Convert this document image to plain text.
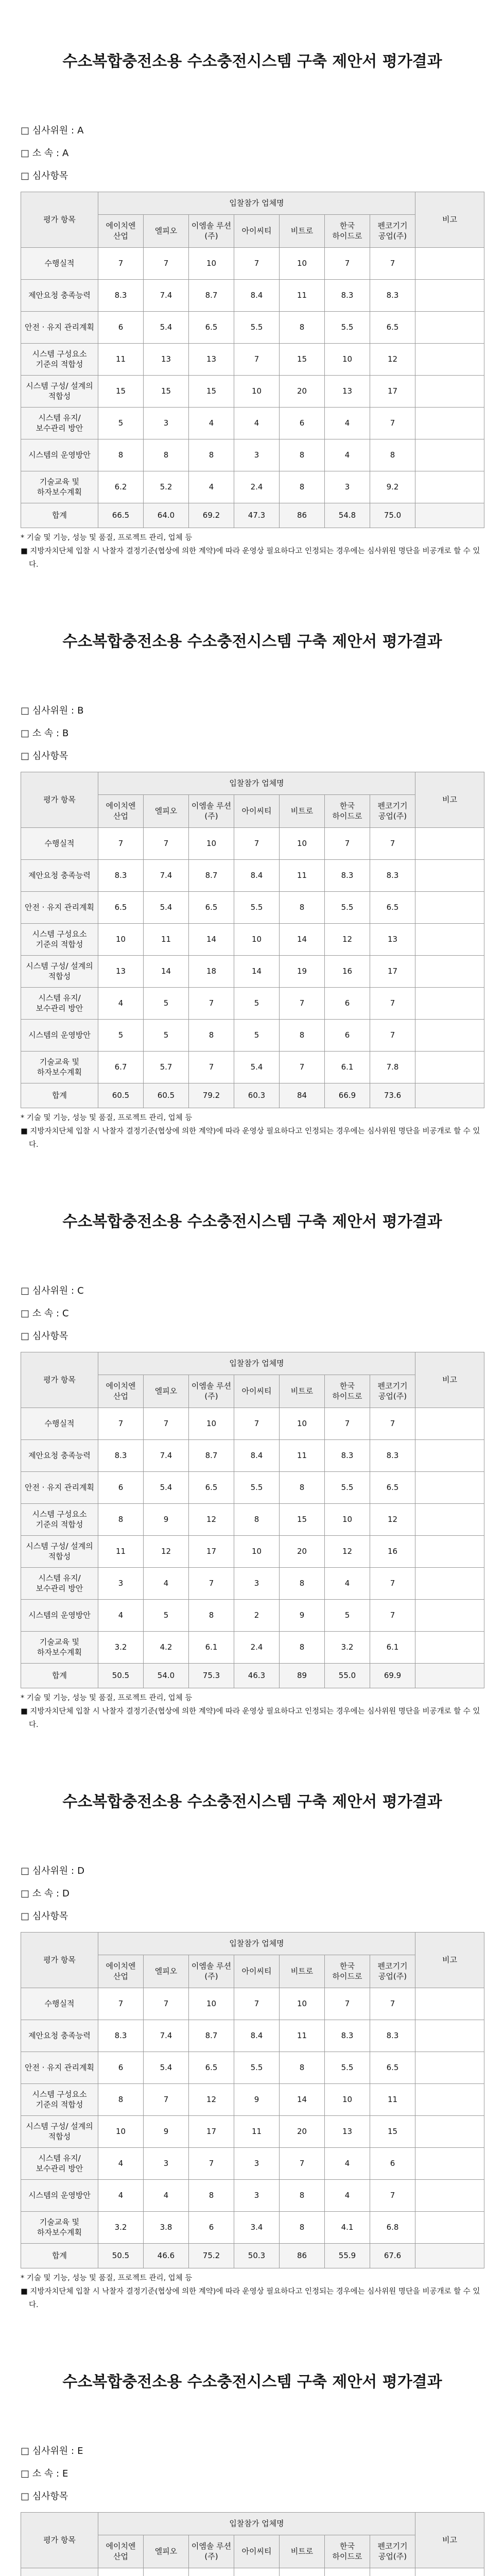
수소복합충전소용 수소충전시스템 구축 제안서 평가결과
□ 심사위원 : A
□ 소 속 : A
□ 심사항목
평가 항목	입찰참가 업체명							비고
	에이치엔 산업	엘피오	이엠솔 루션(주)	아이씨티	비트로	한국 하이드로	펜코기기 공업(주)	
수행실적	7	7	10	7	10	7	7	
제안요청 충족능력	8.3	7.4	8.7	8.4	11	8.3	8.3	
안전 · 유지 관리계획	6	5.4	6.5	5.5	8	5.5	6.5	
시스템 구성요소 기준의 적합성	11	13	13	7	15	10	12	
시스템 구성/ 설계의 적합성	15	15	15	10	20	13	17	
시스템 유지/ 보수관리 방안	5	3	4	4	6	4	7	
시스템의 운영방안	8	8	8	3	8	4	8	
기술교육 및 하자보수계획	6.2	5.2	4	2.4	8	3	9.2	
합계	66.5	64.0	69.2	47.3	86	54.8	75.0	

* 기술 및 기능, 성능 및 품질, 프로젝트 관리, 업체 등

■ 지방자치단체 입찰 시 낙찰자 결정기준(협상에 의한 계약)에 따라 운영상 필요하다고 인정되는 경우에는 심사위원 명단을 비공개로 할 수 있다.

수소복합충전소용 수소충전시스템 구축 제안서 평가결과
□ 심사위원 : B
□ 소 속 : B
□ 심사항목
평가 항목	입찰참가 업체명							비고
	에이치엔 산업	엘피오	이엠솔 루션(주)	아이씨티	비트로	한국 하이드로	펜코기기 공업(주)	
수행실적	7	7	10	7	10	7	7	
제안요청 충족능력	8.3	7.4	8.7	8.4	11	8.3	8.3	
안전 · 유지 관리계획	6.5	5.4	6.5	5.5	8	5.5	6.5	
시스템 구성요소 기준의 적합성	10	11	14	10	14	12	13	
시스템 구성/ 설계의 적합성	13	14	18	14	19	16	17	
시스템 유지/ 보수관리 방안	4	5	7	5	7	6	7	
시스템의 운영방안	5	5	8	5	8	6	7	
기술교육 및 하자보수계획	6.7	5.7	7	5.4	7	6.1	7.8	
합계	60.5	60.5	79.2	60.3	84	66.9	73.6	

* 기술 및 기능, 성능 및 품질, 프로젝트 관리, 업체 등

■ 지방자치단체 입찰 시 낙찰자 결정기준(협상에 의한 계약)에 따라 운영상 필요하다고 인정되는 경우에는 심사위원 명단을 비공개로 할 수 있다.

수소복합충전소용 수소충전시스템 구축 제안서 평가결과
□ 심사위원 : C
□ 소 속 : C
□ 심사항목
평가 항목	입찰참가 업체명							비고
	에이치엔 산업	엘피오	이엠솔 루션(주)	아이씨티	비트로	한국 하이드로	펜코기기 공업(주)	
수행실적	7	7	10	7	10	7	7	
제안요청 충족능력	8.3	7.4	8.7	8.4	11	8.3	8.3	
안전 · 유지 관리계획	6	5.4	6.5	5.5	8	5.5	6.5	
시스템 구성요소 기준의 적합성	8	9	12	8	15	10	12	
시스템 구성/ 설계의 적합성	11	12	17	10	20	12	16	
시스템 유지/ 보수관리 방안	3	4	7	3	8	4	7	
시스템의 운영방안	4	5	8	2	9	5	7	
기술교육 및 하자보수계획	3.2	4.2	6.1	2.4	8	3.2	6.1	
합계	50.5	54.0	75.3	46.3	89	55.0	69.9	

* 기술 및 기능, 성능 및 품질, 프로젝트 관리, 업체 등

■ 지방자치단체 입찰 시 낙찰자 결정기준(협상에 의한 계약)에 따라 운영상 필요하다고 인정되는 경우에는 심사위원 명단을 비공개로 할 수 있다.

수소복합충전소용 수소충전시스템 구축 제안서 평가결과
□ 심사위원 : D
□ 소 속 : D
□ 심사항목
평가 항목	입찰참가 업체명							비고
	에이치엔 산업	엘피오	이엠솔 루션(주)	아이씨티	비트로	한국 하이드로	펜코기기 공업(주)	
수행실적	7	7	10	7	10	7	7	
제안요청 충족능력	8.3	7.4	8.7	8.4	11	8.3	8.3	
안전 · 유지 관리계획	6	5.4	6.5	5.5	8	5.5	6.5	
시스템 구성요소 기준의 적합성	8	7	12	9	14	10	11	
시스템 구성/ 설계의 적합성	10	9	17	11	20	13	15	
시스템 유지/ 보수관리 방안	4	3	7	3	7	4	6	
시스템의 운영방안	4	4	8	3	8	4	7	
기술교육 및 하자보수계획	3.2	3.8	6	3.4	8	4.1	6.8	
합계	50.5	46.6	75.2	50.3	86	55.9	67.6	

* 기술 및 기능, 성능 및 품질, 프로젝트 관리, 업체 등

■ 지방자치단체 입찰 시 낙찰자 결정기준(협상에 의한 계약)에 따라 운영상 필요하다고 인정되는 경우에는 심사위원 명단을 비공개로 할 수 있다.

수소복합충전소용 수소충전시스템 구축 제안서 평가결과
□ 심사위원 : E
□ 소 속 : E
□ 심사항목
평가 항목	입찰참가 업체명							비고
	에이치엔 산업	엘피오	이엠솔 루션(주)	아이씨티	비트로	한국 하이드로	펜코기기 공업(주)	
